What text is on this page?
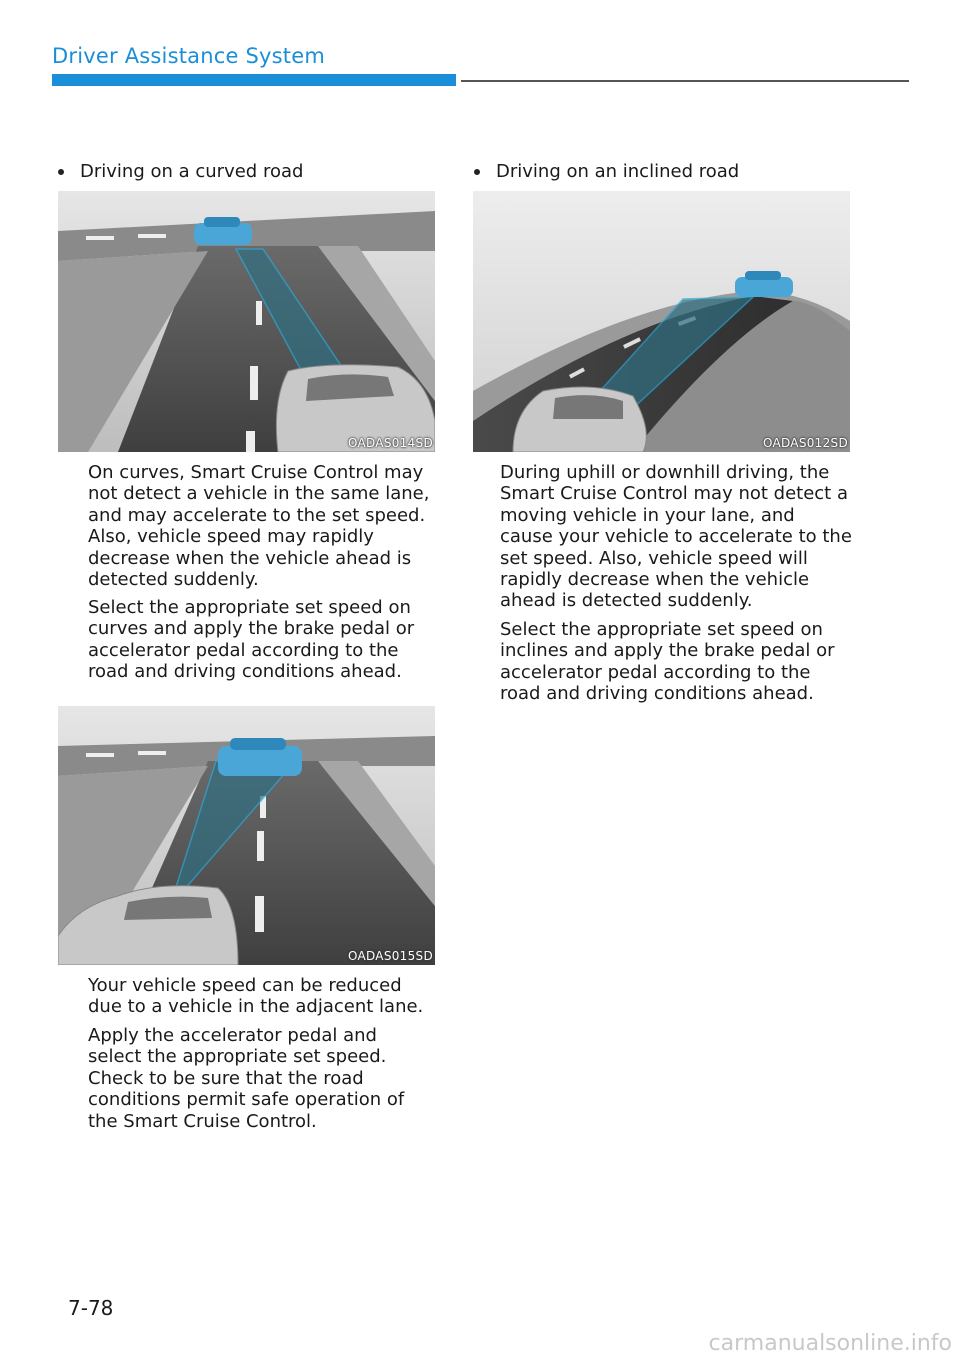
Driver Assistance System
Driving on a curved road
OADAS014SD

On curves, Smart Cruise Control may not detect a vehicle in the same lane, and may accelerate to the set speed. Also, vehicle speed may rapidly decrease when the vehicle ahead is detected suddenly.

Select the appropriate set speed on curves and apply the brake pedal or accelerator pedal according to the road and driving conditions ahead.

OADAS015SD

Your vehicle speed can be reduced due to a vehicle in the adjacent lane.

Apply the accelerator pedal and select the appropriate set speed. Check to be sure that the road conditions permit safe operation of the Smart Cruise Control.

Driving on an inclined road
OADAS012SD

During uphill or downhill driving, the Smart Cruise Control may not detect a moving vehicle in your lane, and cause your vehicle to accelerate to the set speed. Also, vehicle speed will rapidly decrease when the vehicle ahead is detected suddenly.

Select the appropriate set speed on inclines and apply the brake pedal or accelerator pedal according to the road and driving conditions ahead.

7-78
carmanualsonline.info
